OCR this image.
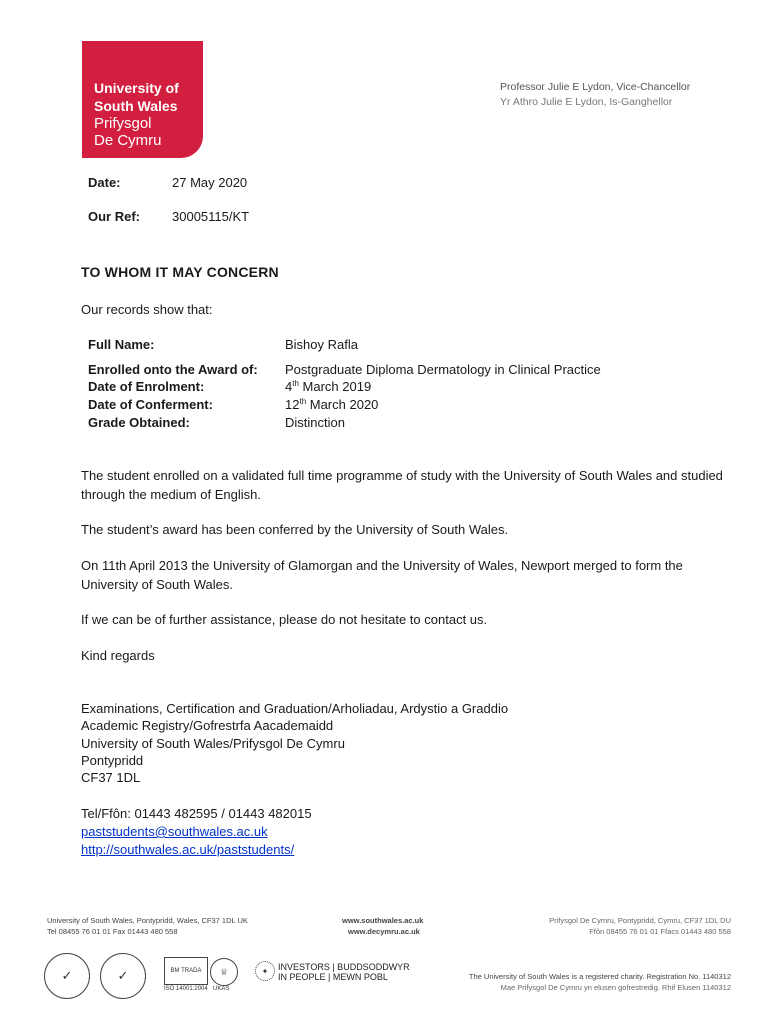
University of
South Wales
Prifysgol
De Cymru
Professor Julie E Lydon, Vice-Chancellor
Yr Athro Julie E Lydon, Is-Ganghellor
Date:	27 May 2020
Our Ref: 30005115/KT
TO WHOM IT MAY CONCERN
Our records show that:
Full Name:	Bishoy Rafla
Enrolled onto the Award of: Postgraduate Diploma Dermatology in Clinical Practice
Date of Enrolment:	4th March 2019
Date of Conferment:	12th March 2020
Grade Obtained:	Distinction
The student enrolled on a validated full time programme of study with the University of South Wales and studied through the medium of English.
The student’s award has been conferred by the University of South Wales.
On 11th April 2013 the University of Glamorgan and the University of Wales, Newport merged to form the University of South Wales.
If we can be of further assistance, please do not hesitate to contact us.
Kind regards
Examinations, Certification and Graduation/Arholiadau, Ardystio a Graddio
Academic Registry/Gofrestrfa Aacademaidd
University of South Wales/Prifysgol De Cymru
Pontypridd
CF37 1DL
Tel/Ffôn: 01443 482595 / 01443 482015
paststudents@southwales.ac.uk
http://southwales.ac.uk/paststudents/
University of South Wales, Pontypridd, Wales, CF37 1DL UK
Tel 08455 76 01 01 Fax 01443 480 558
www.southwales.ac.uk
www.decymru.ac.uk
Prifysgol De Cymru, Pontypridd, Cymru, CF37 1DL DU
Ffôn 08455 76 01 01 Ffacs 01443 480 558
✓	✓	BM TRADA
ISO 14001:2004
♕
UKAS
✦	INVESTORS | BUDDSODDWYR
IN PEOPLE | MEWN POBL	The University of South Wales is a registered charity. Registration No. 1140312
Mae Prifysgol De Cymru yn elusen gofrestredig. Rhif Elusen 1140312
